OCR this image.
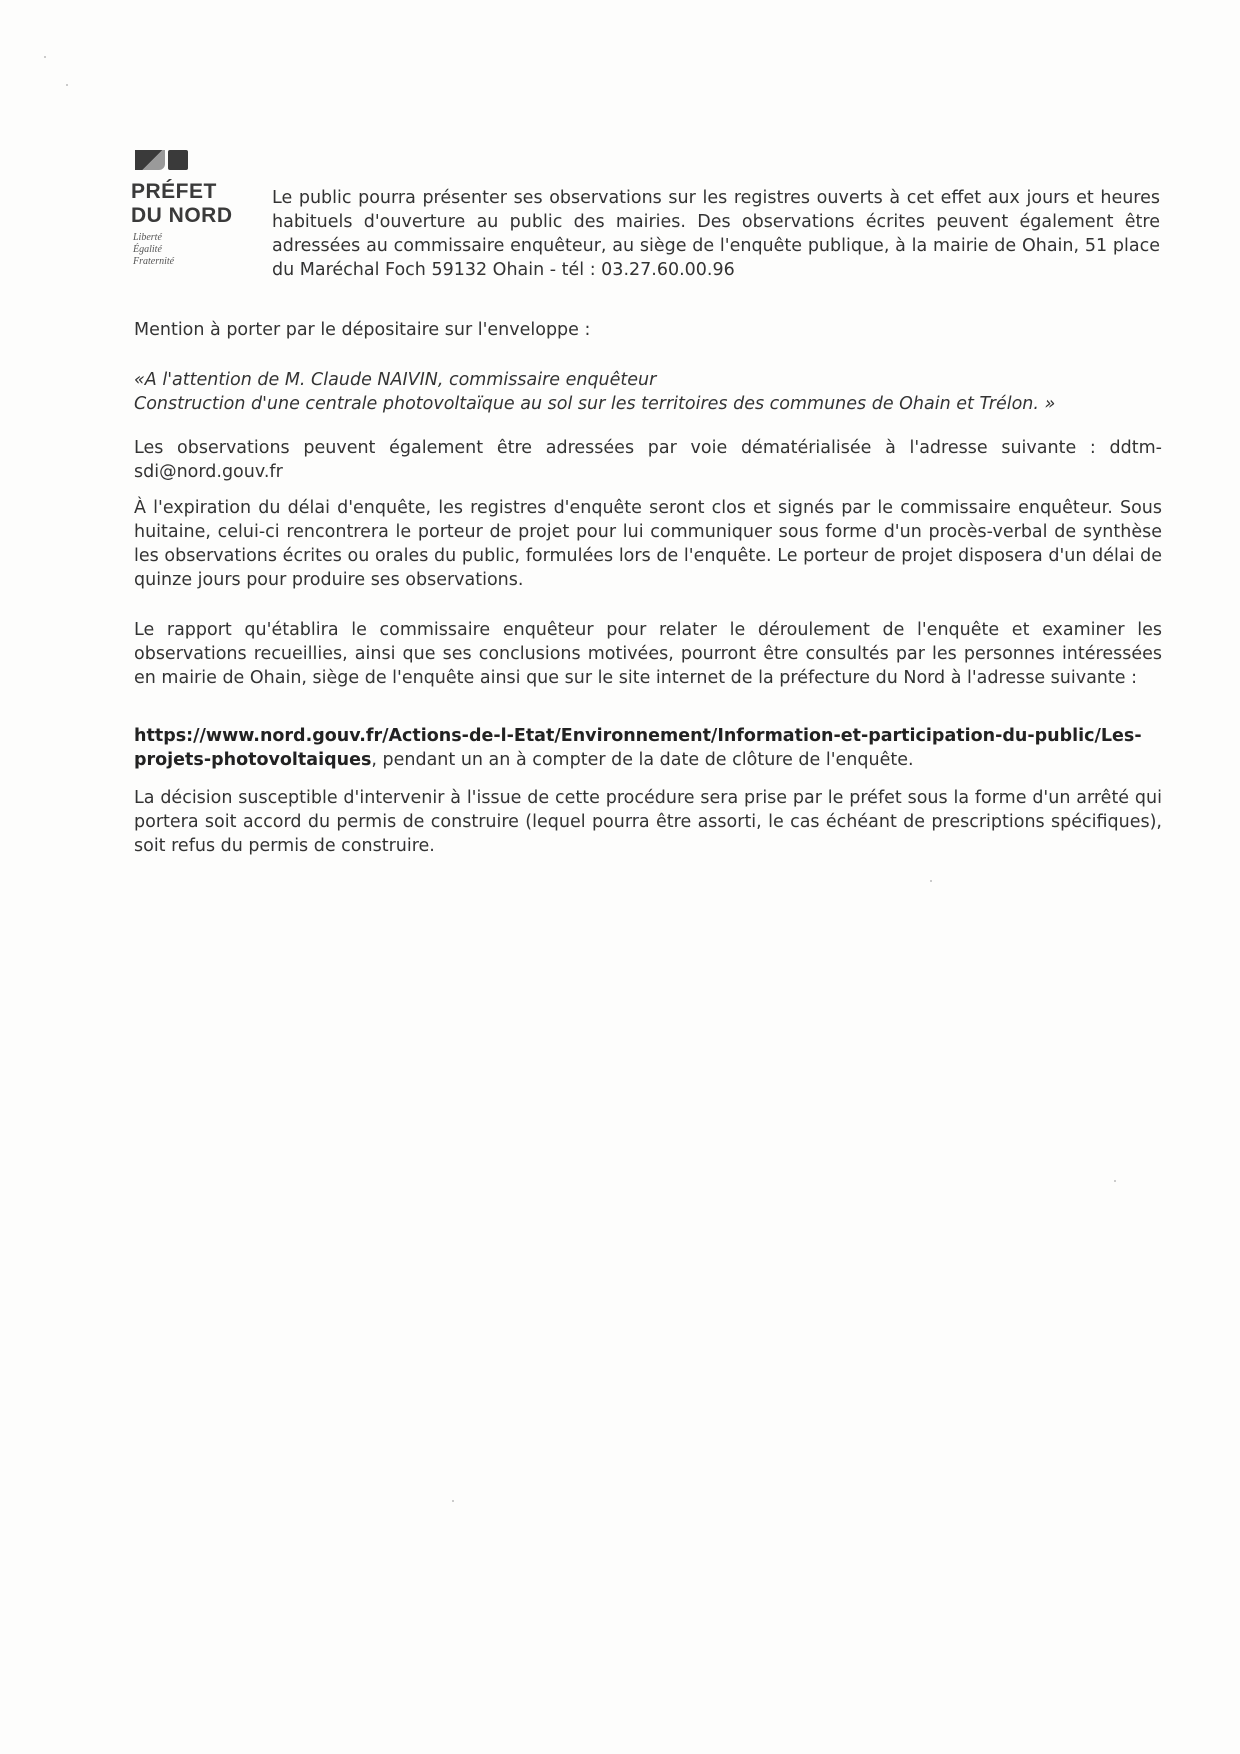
PRÉFET
DU NORD
Liberté
Égalité
Fraternité
Le public pourra présenter ses observations sur les registres ouverts à cet effet aux jours et heures habituels d'ouverture au public des mairies. Des observations écrites peuvent également être adressées au commissaire enquêteur, au siège de l'enquête publique, à la mairie de Ohain, 51 place du Maréchal Foch 59132 Ohain - tél : 03.27.60.00.96
Mention à porter par le dépositaire sur l'enveloppe :
«A l'attention de M. Claude NAIVIN, commissaire enquêteur
Construction d'une centrale photovoltaïque au sol sur les territoires des communes de Ohain et Trélon. »
Les observations peuvent également être adressées par voie dématérialisée à l'adresse suivante : ddtm-sdi@nord.gouv.fr
À l'expiration du délai d'enquête, les registres d'enquête seront clos et signés par le commissaire enquêteur. Sous huitaine, celui-ci rencontrera le porteur de projet pour lui communiquer sous forme d'un procès-verbal de synthèse les observations écrites ou orales du public, formulées lors de l'enquête. Le porteur de projet disposera d'un délai de quinze jours pour produire ses observations.
Le rapport qu'établira le commissaire enquêteur pour relater le déroulement de l'enquête et examiner les observations recueillies, ainsi que ses conclusions motivées, pourront être consultés par les personnes intéressées en mairie de Ohain, siège de l'enquête ainsi que sur le site internet de la préfecture du Nord à l'adresse suivante :
https://www.nord.gouv.fr/Actions-de-l-Etat/Environnement/Information-et-participation-du-public/Les-projets-photovoltaiques, pendant un an à compter de la date de clôture de l'enquête.
La décision susceptible d'intervenir à l'issue de cette procédure sera prise par le préfet sous la forme d'un arrêté qui portera soit accord du permis de construire (lequel pourra être assorti, le cas échéant de prescriptions spécifiques), soit refus du permis de construire.
